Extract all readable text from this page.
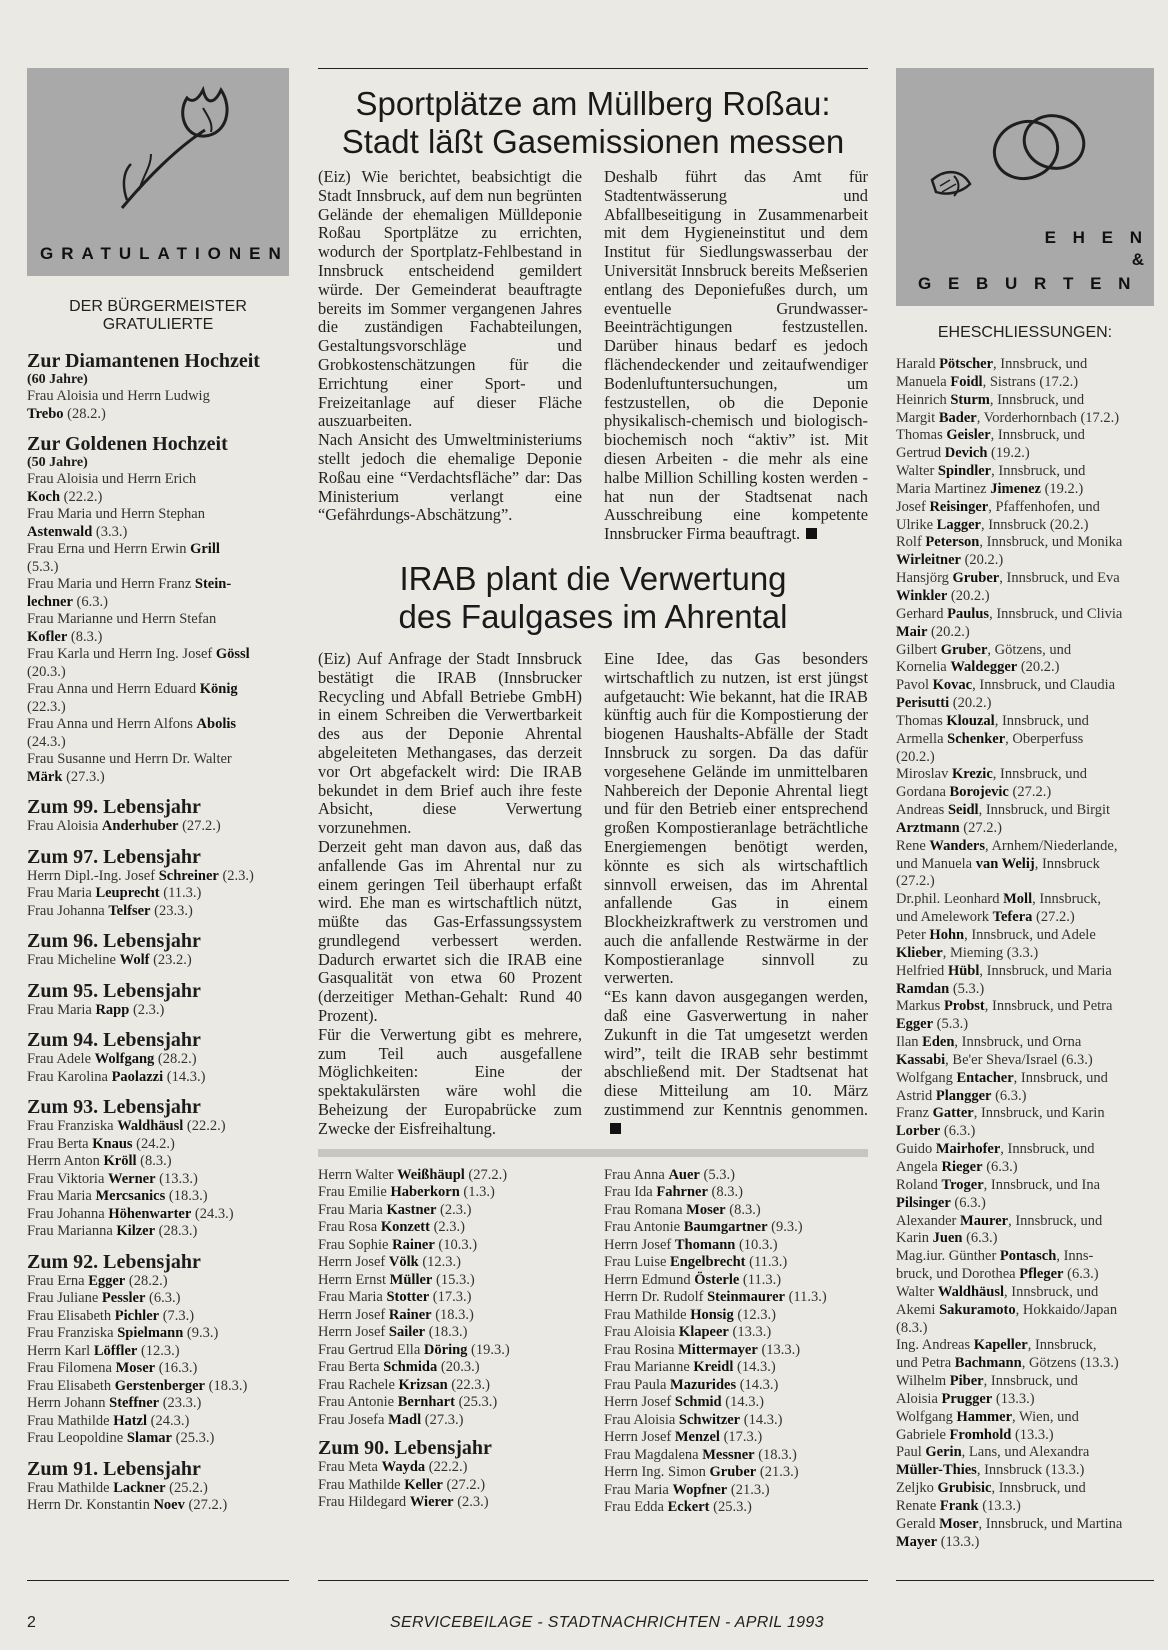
GRATULATIONEN
DER BÜRGERMEISTER GRATULIERTE
Zur Diamantenen Hochzeit
(60 Jahre)
Frau Aloisia und Herrn Ludwig
Trebo (28.2.)
Zur Goldenen Hochzeit
(50 Jahre)
Frau Aloisia und Herrn Erich
Koch (22.2.)
Frau Maria und Herrn Stephan
Astenwald (3.3.)
Frau Erna und Herrn Erwin Grill
(5.3.)
Frau Maria und Herrn Franz Stein-
lechner (6.3.)
Frau Marianne und Herrn Stefan
Kofler (8.3.)
Frau Karla und Herrn Ing. Josef Gössl
(20.3.)
Frau Anna und Herrn Eduard König
(22.3.)
Frau Anna und Herrn Alfons Abolis
(24.3.)
Frau Susanne und Herrn Dr. Walter
Märk (27.3.)
Zum 99. Lebensjahr
Frau Aloisia Anderhuber (27.2.)
Zum 97. Lebensjahr
Herrn Dipl.-Ing. Josef Schreiner (2.3.)
Frau Maria Leuprecht (11.3.)
Frau Johanna Telfser (23.3.)
Zum 96. Lebensjahr
Frau Micheline Wolf (23.2.)
Zum 95. Lebensjahr
Frau Maria Rapp (2.3.)
Zum 94. Lebensjahr
Frau Adele Wolfgang (28.2.)
Frau Karolina Paolazzi (14.3.)
Zum 93. Lebensjahr
Frau Franziska Waldhäusl (22.2.)
Frau Berta Knaus (24.2.)
Herrn Anton Kröll (8.3.)
Frau Viktoria Werner (13.3.)
Frau Maria Mercsanics (18.3.)
Frau Johanna Höhenwarter (24.3.)
Frau Marianna Kilzer (28.3.)
Zum 92. Lebensjahr
Frau Erna Egger (28.2.)
Frau Juliane Pessler (6.3.)
Frau Elisabeth Pichler (7.3.)
Frau Franziska Spielmann (9.3.)
Herrn Karl Löffler (12.3.)
Frau Filomena Moser (16.3.)
Frau Elisabeth Gerstenberger (18.3.)
Herrn Johann Steffner (23.3.)
Frau Mathilde Hatzl (24.3.)
Frau Leopoldine Slamar (25.3.)
Zum 91. Lebensjahr
Frau Mathilde Lackner (25.2.)
Herrn Dr. Konstantin Noev (27.2.)
Sportplätze am Müllberg Roßau:
Stadt läßt Gasemissionen messen
(Eiz) Wie berichtet, beabsichtigt die Stadt Innsbruck, auf dem nun begrünten Gelände der ehemaligen Mülldeponie Roßau Sportplätze zu errichten, wodurch der Sportplatz-Fehlbestand in Innsbruck entscheidend gemildert würde. Der Gemeinderat beauftragte bereits im Sommer vergangenen Jahres die zuständigen Fachabteilungen, Gestaltungsvorschläge und Grobkostenschätzungen für die Errichtung einer Sport- und Freizeitanlage auf dieser Fläche auszuarbeiten.
Nach Ansicht des Umweltministeriums stellt jedoch die ehemalige Deponie Roßau eine “Verdachtsfläche” dar: Das Ministerium verlangt eine “Gefährdungs-Abschätzung”.
Deshalb führt das Amt für Stadtentwässerung und Abfallbeseitigung in Zusammenarbeit mit dem Hygieneinstitut und dem Institut für Siedlungswasserbau der Universität Innsbruck bereits Meßserien entlang des Deponiefußes durch, um eventuelle Grundwasser-Beeinträchtigungen festzustellen. Darüber hinaus bedarf es jedoch flächendeckender und zeitaufwendiger Bodenluftuntersuchungen, um festzustellen, ob die Deponie physikalisch-chemisch und biologisch-biochemisch noch “aktiv” ist. Mit diesen Arbeiten - die mehr als eine halbe Million Schilling kosten werden - hat nun der Stadtsenat nach Ausschreibung eine kompetente Innsbrucker Firma beauftragt.
IRAB plant die Verwertung
des Faulgases im Ahrental
(Eiz) Auf Anfrage der Stadt Innsbruck bestätigt die IRAB (Innsbrucker Recycling und Abfall Betriebe GmbH) in einem Schreiben die Verwertbarkeit des aus der Deponie Ahrental abgeleiteten Methangases, das derzeit vor Ort abgefackelt wird: Die IRAB bekundet in dem Brief auch ihre feste Absicht, diese Verwertung vorzunehmen.
Derzeit geht man davon aus, daß das anfallende Gas im Ahrental nur zu einem geringen Teil überhaupt erfaßt wird. Ehe man es wirtschaftlich nützt, müßte das Gas-Erfassungssystem grundlegend verbessert werden. Dadurch erwartet sich die IRAB eine Gasqualität von etwa 60 Prozent (derzeitiger Methan-Gehalt: Rund 40 Prozent).
Für die Verwertung gibt es mehrere, zum Teil auch ausgefallene Möglichkeiten: Eine der spektakulärsten wäre wohl die Beheizung der Europabrücke zum Zwecke der Eisfreihaltung.
Eine Idee, das Gas besonders wirtschaftlich zu nutzen, ist erst jüngst aufgetaucht: Wie bekannt, hat die IRAB künftig auch für die Kompostierung der biogenen Haushalts-Abfälle der Stadt Innsbruck zu sorgen. Da das dafür vorgesehene Gelände im unmittelbaren Nahbereich der Deponie Ahrental liegt und für den Betrieb einer entsprechend großen Kompostieranlage beträchtliche Energiemengen benötigt werden, könnte es sich als wirtschaftlich sinnvoll erweisen, das im Ahrental anfallende Gas in einem Blockheizkraftwerk zu verstromen und auch die anfallende Restwärme in der Kompostieranlage sinnvoll zu verwerten.
“Es kann davon ausgegangen werden, daß eine Gasverwertung in naher Zukunft in die Tat umgesetzt werden wird”, teilt die IRAB sehr bestimmt abschließend mit. Der Stadtsenat hat diese Mitteilung am 10. März zustimmend zur Kenntnis genommen.
Herrn Walter Weißhäupl (27.2.)
Frau Emilie Haberkorn (1.3.)
Frau Maria Kastner (2.3.)
Frau Rosa Konzett (2.3.)
Frau Sophie Rainer (10.3.)
Herrn Josef Völk (12.3.)
Herrn Ernst Müller (15.3.)
Frau Maria Stotter (17.3.)
Herrn Josef Rainer (18.3.)
Herrn Josef Sailer (18.3.)
Frau Gertrud Ella Döring (19.3.)
Frau Berta Schmida (20.3.)
Frau Rachele Krizsan (22.3.)
Frau Antonie Bernhart (25.3.)
Frau Josefa Madl (27.3.)
Zum 90. Lebensjahr
Frau Meta Wayda (22.2.)
Frau Mathilde Keller (27.2.)
Frau Hildegard Wierer (2.3.)
Frau Anna Auer (5.3.)
Frau Ida Fahrner (8.3.)
Frau Romana Moser (8.3.)
Frau Antonie Baumgartner (9.3.)
Herrn Josef Thomann (10.3.)
Frau Luise Engelbrecht (11.3.)
Herrn Edmund Österle (11.3.)
Herrn Dr. Rudolf Steinmaurer (11.3.)
Frau Mathilde Honsig (12.3.)
Frau Aloisia Klapeer (13.3.)
Frau Rosina Mittermayer (13.3.)
Frau Marianne Kreidl (14.3.)
Frau Paula Mazurides (14.3.)
Herrn Josef Schmid (14.3.)
Frau Aloisia Schwitzer (14.3.)
Herrn Josef Menzel (17.3.)
Frau Magdalena Messner (18.3.)
Herrn Ing. Simon Gruber (21.3.)
Frau Maria Wopfner (21.3.)
Frau Edda Eckert (25.3.)
E H E N
&
G E B U R T E N
EHESCHLIESSUNGEN:
Harald Pötscher, Innsbruck, und
Manuela Foidl, Sistrans (17.2.)
Heinrich Sturm, Innsbruck, und
Margit Bader, Vorderhornbach (17.2.)
Thomas Geisler, Innsbruck, und
Gertrud Devich (19.2.)
Walter Spindler, Innsbruck, und
Maria Martinez Jimenez (19.2.)
Josef Reisinger, Pfaffenhofen, und
Ulrike Lagger, Innsbruck (20.2.)
Rolf Peterson, Innsbruck, und Monika
Wirleitner (20.2.)
Hansjörg Gruber, Innsbruck, und Eva
Winkler (20.2.)
Gerhard Paulus, Innsbruck, und Clivia
Mair (20.2.)
Gilbert Gruber, Götzens, und
Kornelia Waldegger (20.2.)
Pavol Kovac, Innsbruck, und Claudia
Perisutti (20.2.)
Thomas Klouzal, Innsbruck, und
Armella Schenker, Oberperfuss
(20.2.)
Miroslav Krezic, Innsbruck, und
Gordana Borojevic (27.2.)
Andreas Seidl, Innsbruck, und Birgit
Arztmann (27.2.)
Rene Wanders, Arnhem/Niederlande,
und Manuela van Welij, Innsbruck
(27.2.)
Dr.phil. Leonhard Moll, Innsbruck,
und Amelework Tefera (27.2.)
Peter Hohn, Innsbruck, und Adele
Klieber, Mieming (3.3.)
Helfried Hübl, Innsbruck, und Maria
Ramdan (5.3.)
Markus Probst, Innsbruck, und Petra
Egger (5.3.)
Ilan Eden, Innsbruck, und Orna
Kassabi, Be'er Sheva/Israel (6.3.)
Wolfgang Entacher, Innsbruck, und
Astrid Plangger (6.3.)
Franz Gatter, Innsbruck, und Karin
Lorber (6.3.)
Guido Mairhofer, Innsbruck, und
Angela Rieger (6.3.)
Roland Troger, Innsbruck, und Ina
Pilsinger (6.3.)
Alexander Maurer, Innsbruck, und
Karin Juen (6.3.)
Mag.iur. Günther Pontasch, Inns-
bruck, und Dorothea Pfleger (6.3.)
Walter Waldhäusl, Innsbruck, und
Akemi Sakuramoto, Hokkaido/Japan
(8.3.)
Ing. Andreas Kapeller, Innsbruck,
und Petra Bachmann, Götzens (13.3.)
Wilhelm Piber, Innsbruck, und
Aloisia Prugger (13.3.)
Wolfgang Hammer, Wien, und
Gabriele Fromhold (13.3.)
Paul Gerin, Lans, und Alexandra
Müller-Thies, Innsbruck (13.3.)
Zeljko Grubisic, Innsbruck, und
Renate Frank (13.3.)
Gerald Moser, Innsbruck, und Martina
Mayer (13.3.)
2	SERVICEBEILAGE - STADTNACHRICHTEN - APRIL 1993
